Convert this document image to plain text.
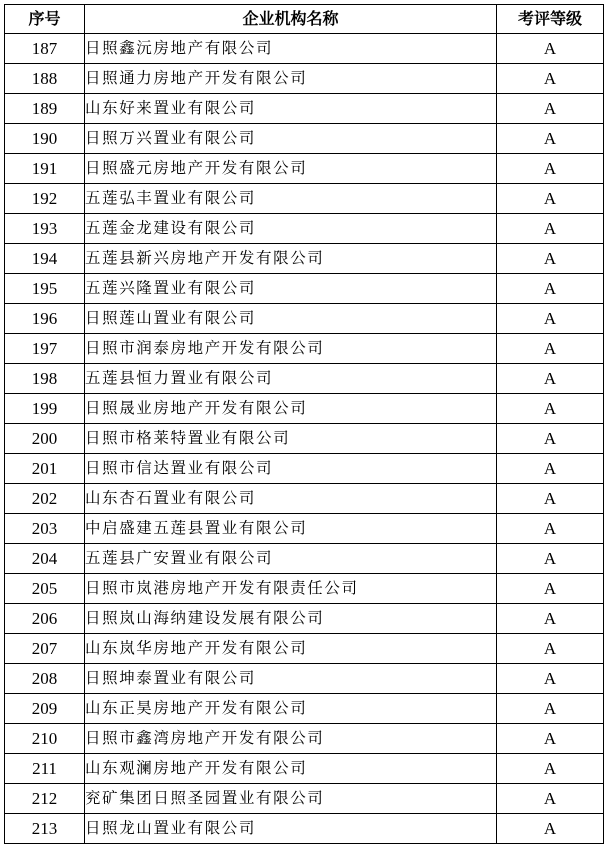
序号	企业机构名称	考评等级
187	日照鑫沅房地产有限公司	A
188	日照通力房地产开发有限公司	A
189	山东好来置业有限公司	A
190	日照万兴置业有限公司	A
191	日照盛元房地产开发有限公司	A
192	五莲弘丰置业有限公司	A
193	五莲金龙建设有限公司	A
194	五莲县新兴房地产开发有限公司	A
195	五莲兴隆置业有限公司	A
196	日照莲山置业有限公司	A
197	日照市润泰房地产开发有限公司	A
198	五莲县恒力置业有限公司	A
199	日照晟业房地产开发有限公司	A
200	日照市格莱特置业有限公司	A
201	日照市信达置业有限公司	A
202	山东杏石置业有限公司	A
203	中启盛建五莲县置业有限公司	A
204	五莲县广安置业有限公司	A
205	日照市岚港房地产开发有限责任公司	A
206	日照岚山海纳建设发展有限公司	A
207	山东岚华房地产开发有限公司	A
208	日照坤泰置业有限公司	A
209	山东正昊房地产开发有限公司	A
210	日照市鑫湾房地产开发有限公司	A
211	山东观澜房地产开发有限公司	A
212	兖矿集团日照圣园置业有限公司	A
213	日照龙山置业有限公司	A
